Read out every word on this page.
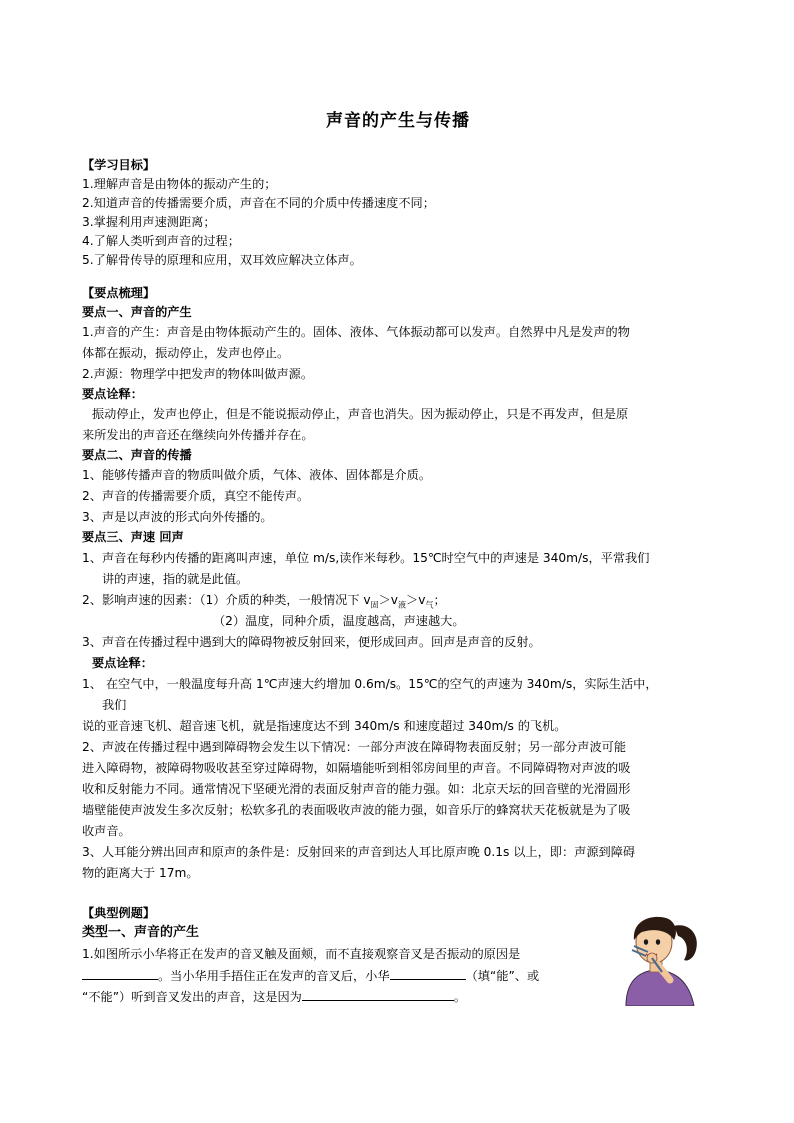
声音的产生与传播
【学习目标】
1.理解声音是由物体的振动产生的；
2.知道声音的传播需要介质，声音在不同的介质中传播速度不同；
3.掌握利用声速测距离；
4.了解人类听到声音的过程；
5.了解骨传导的原理和应用，双耳效应解决立体声。
【要点梳理】
要点一、声音的产生
1.声音的产生：声音是由物体振动产生的。固体、液体、气体振动都可以发声。自然界中凡是发声的物
体都在振动，振动停止，发声也停止。
2.声源：物理学中把发声的物体叫做声源。
要点诠释：
振动停止，发声也停止，但是不能说振动停止，声音也消失。因为振动停止，只是不再发声，但是原
来所发出的声音还在继续向外传播并存在。
要点二、声音的传播
1、能够传播声音的物质叫做介质，气体、液体、固体都是介质。
2、声音的传播需要介质，真空不能传声。
3、声是以声波的形式向外传播的。
要点三、声速 回声
1、声音在每秒内传播的距离叫声速，单位 m/s,读作米每秒。15℃时空气中的声速是 340m/s，平常我们
讲的声速，指的就是此值。
2、影响声速的因素：（1）介质的种类，一般情况下 $v_固>v_液>v_气$；
（2）温度，同种介质，温度越高，声速越大。
3、声音在传播过程中遇到大的障碍物被反射回来，便形成回声。回声是声音的反射。
要点诠释：
1、 在空气中，一般温度每升高 1℃声速大约增加 0.6m/s。15℃的空气的声速为 340m/s，实际生活中，
我们
说的亚音速飞机、超音速飞机，就是指速度达不到 340m/s 和速度超过 340m/s 的飞机。
2、声波在传播过程中遇到障碍物会发生以下情况：一部分声波在障碍物表面反射；另一部分声波可能
进入障碍物，被障碍物吸收甚至穿过障碍物，如隔墙能听到相邻房间里的声音。不同障碍物对声波的吸
收和反射能力不同。通常情况下坚硬光滑的表面反射声音的能力强。如：北京天坛的回音壁的光滑圆形
墙壁能使声波发生多次反射；松软多孔的表面吸收声波的能力强，如音乐厅的蜂窝状天花板就是为了吸
收声音。
3、人耳能分辨出回声和原声的条件是：反射回来的声音到达人耳比原声晚 0.1s 以上，即：声源到障碍
物的距离大于 17m。
【典型例题】
类型一、声音的产生
1.如图所示小华将正在发声的音叉触及面颊，而不直接观察音叉是否振动的原因是
。当小华用手捂住正在发声的音叉后，小华	（填“能”、或
“不能”）听到音叉发出的声音，这是因为	。
